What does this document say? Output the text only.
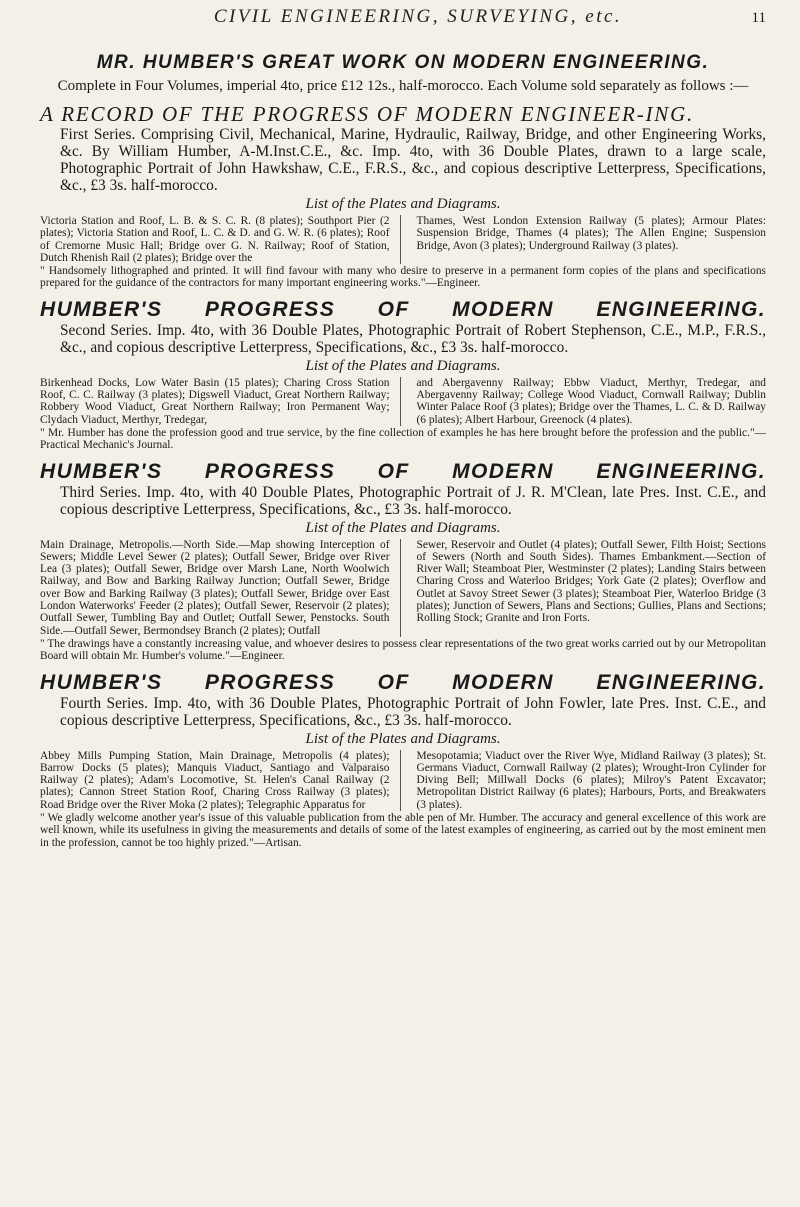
CIVIL ENGINEERING, SURVEYING, etc.	11
MR. HUMBER'S GREAT WORK ON MODERN ENGINEERING.
Complete in Four Volumes, imperial 4to, price £12 12s., half-morocco. Each Volume sold separately as follows :—
A RECORD OF THE PROGRESS OF MODERN ENGINEER-ING.

First Series. Comprising Civil, Mechanical, Marine, Hydraulic, Railway, Bridge, and other Engineering Works, &c. By William Humber, A-M.Inst.C.E., &c. Imp. 4to, with 36 Double Plates, drawn to a large scale, Photographic Portrait of John Hawkshaw, C.E., F.R.S., &c., and copious descriptive Letterpress, Specifications, &c., £3 3s. half-morocco.

List of the Plates and Diagrams.
Victoria Station and Roof, L. B. & S. C. R. (8 plates); Southport Pier (2 plates); Victoria Station and Roof, L. C. & D. and G. W. R. (6 plates); Roof of Cremorne Music Hall; Bridge over G. N. Railway; Roof of Station, Dutch Rhenish Rail (2 plates); Bridge over the
Thames, West London Extension Railway (5 plates); Armour Plates: Suspension Bridge, Thames (4 plates); The Allen Engine; Suspension Bridge, Avon (3 plates); Underground Railway (3 plates).

" Handsomely lithographed and printed. It will find favour with many who desire to preserve in a permanent form copies of the plans and specifications prepared for the guidance of the contractors for many important engineering works."—Engineer.

HUMBER'S PROGRESS OF MODERN ENGINEERING.

Second Series. Imp. 4to, with 36 Double Plates, Photographic Portrait of Robert Stephenson, C.E., M.P., F.R.S., &c., and copious descriptive Letterpress, Specifications, &c., £3 3s. half-morocco.

List of the Plates and Diagrams.
Birkenhead Docks, Low Water Basin (15 plates); Charing Cross Station Roof, C. C. Railway (3 plates); Digswell Viaduct, Great Northern Railway; Robbery Wood Viaduct, Great Northern Railway; Iron Permanent Way; Clydach Viaduct, Merthyr, Tredegar,
and Abergavenny Railway; Ebbw Viaduct, Merthyr, Tredegar, and Abergavenny Railway; College Wood Viaduct, Cornwall Railway; Dublin Winter Palace Roof (3 plates); Bridge over the Thames, L. C. & D. Railway (6 plates); Albert Harbour, Greenock (4 plates).

" Mr. Humber has done the profession good and true service, by the fine collection of examples he has here brought before the profession and the public."—Practical Mechanic's Journal.

HUMBER'S PROGRESS OF MODERN ENGINEERING.

Third Series. Imp. 4to, with 40 Double Plates, Photographic Portrait of J. R. M'Clean, late Pres. Inst. C.E., and copious descriptive Letterpress, Specifications, &c., £3 3s. half-morocco.

List of the Plates and Diagrams.
Main Drainage, Metropolis.—North Side.—Map showing Interception of Sewers; Middle Level Sewer (2 plates); Outfall Sewer, Bridge over River Lea (3 plates); Outfall Sewer, Bridge over Marsh Lane, North Woolwich Railway, and Bow and Barking Railway Junction; Outfall Sewer, Bridge over Bow and Barking Railway (3 plates); Outfall Sewer, Bridge over East London Waterworks' Feeder (2 plates); Outfall Sewer, Reservoir (2 plates); Outfall Sewer, Tumbling Bay and Outlet; Outfall Sewer, Penstocks. South Side.—Outfall Sewer, Bermondsey Branch (2 plates); Outfall
Sewer, Reservoir and Outlet (4 plates); Outfall Sewer, Filth Hoist; Sections of Sewers (North and South Sides). Thames Embankment.—Section of River Wall; Steamboat Pier, Westminster (2 plates); Landing Stairs between Charing Cross and Waterloo Bridges; York Gate (2 plates); Overflow and Outlet at Savoy Street Sewer (3 plates); Steamboat Pier, Waterloo Bridge (3 plates); Junction of Sewers, Plans and Sections; Gullies, Plans and Sections; Rolling Stock; Granite and Iron Forts.

" The drawings have a constantly increasing value, and whoever desires to possess clear representations of the two great works carried out by our Metropolitan Board will obtain Mr. Humber's volume."—Engineer.

HUMBER'S PROGRESS OF MODERN ENGINEERING.

Fourth Series. Imp. 4to, with 36 Double Plates, Photographic Portrait of John Fowler, late Pres. Inst. C.E., and copious descriptive Letterpress, Specifications, &c., £3 3s. half-morocco.

List of the Plates and Diagrams.
Abbey Mills Pumping Station, Main Drainage, Metropolis (4 plates); Barrow Docks (5 plates); Manquis Viaduct, Santiago and Valparaiso Railway (2 plates); Adam's Locomotive, St. Helen's Canal Railway (2 plates); Cannon Street Station Roof, Charing Cross Railway (3 plates); Road Bridge over the River Moka (2 plates); Telegraphic Apparatus for
Mesopotamia; Viaduct over the River Wye, Midland Railway (3 plates); St. Germans Viaduct, Cornwall Railway (2 plates); Wrought-Iron Cylinder for Diving Bell; Millwall Docks (6 plates); Milroy's Patent Excavator; Metropolitan District Railway (6 plates); Harbours, Ports, and Breakwaters (3 plates).

" We gladly welcome another year's issue of this valuable publication from the able pen of Mr. Humber. The accuracy and general excellence of this work are well known, while its usefulness in giving the measurements and details of some of the latest examples of engineering, as carried out by the most eminent men in the profession, cannot be too highly prized."—Artisan.
